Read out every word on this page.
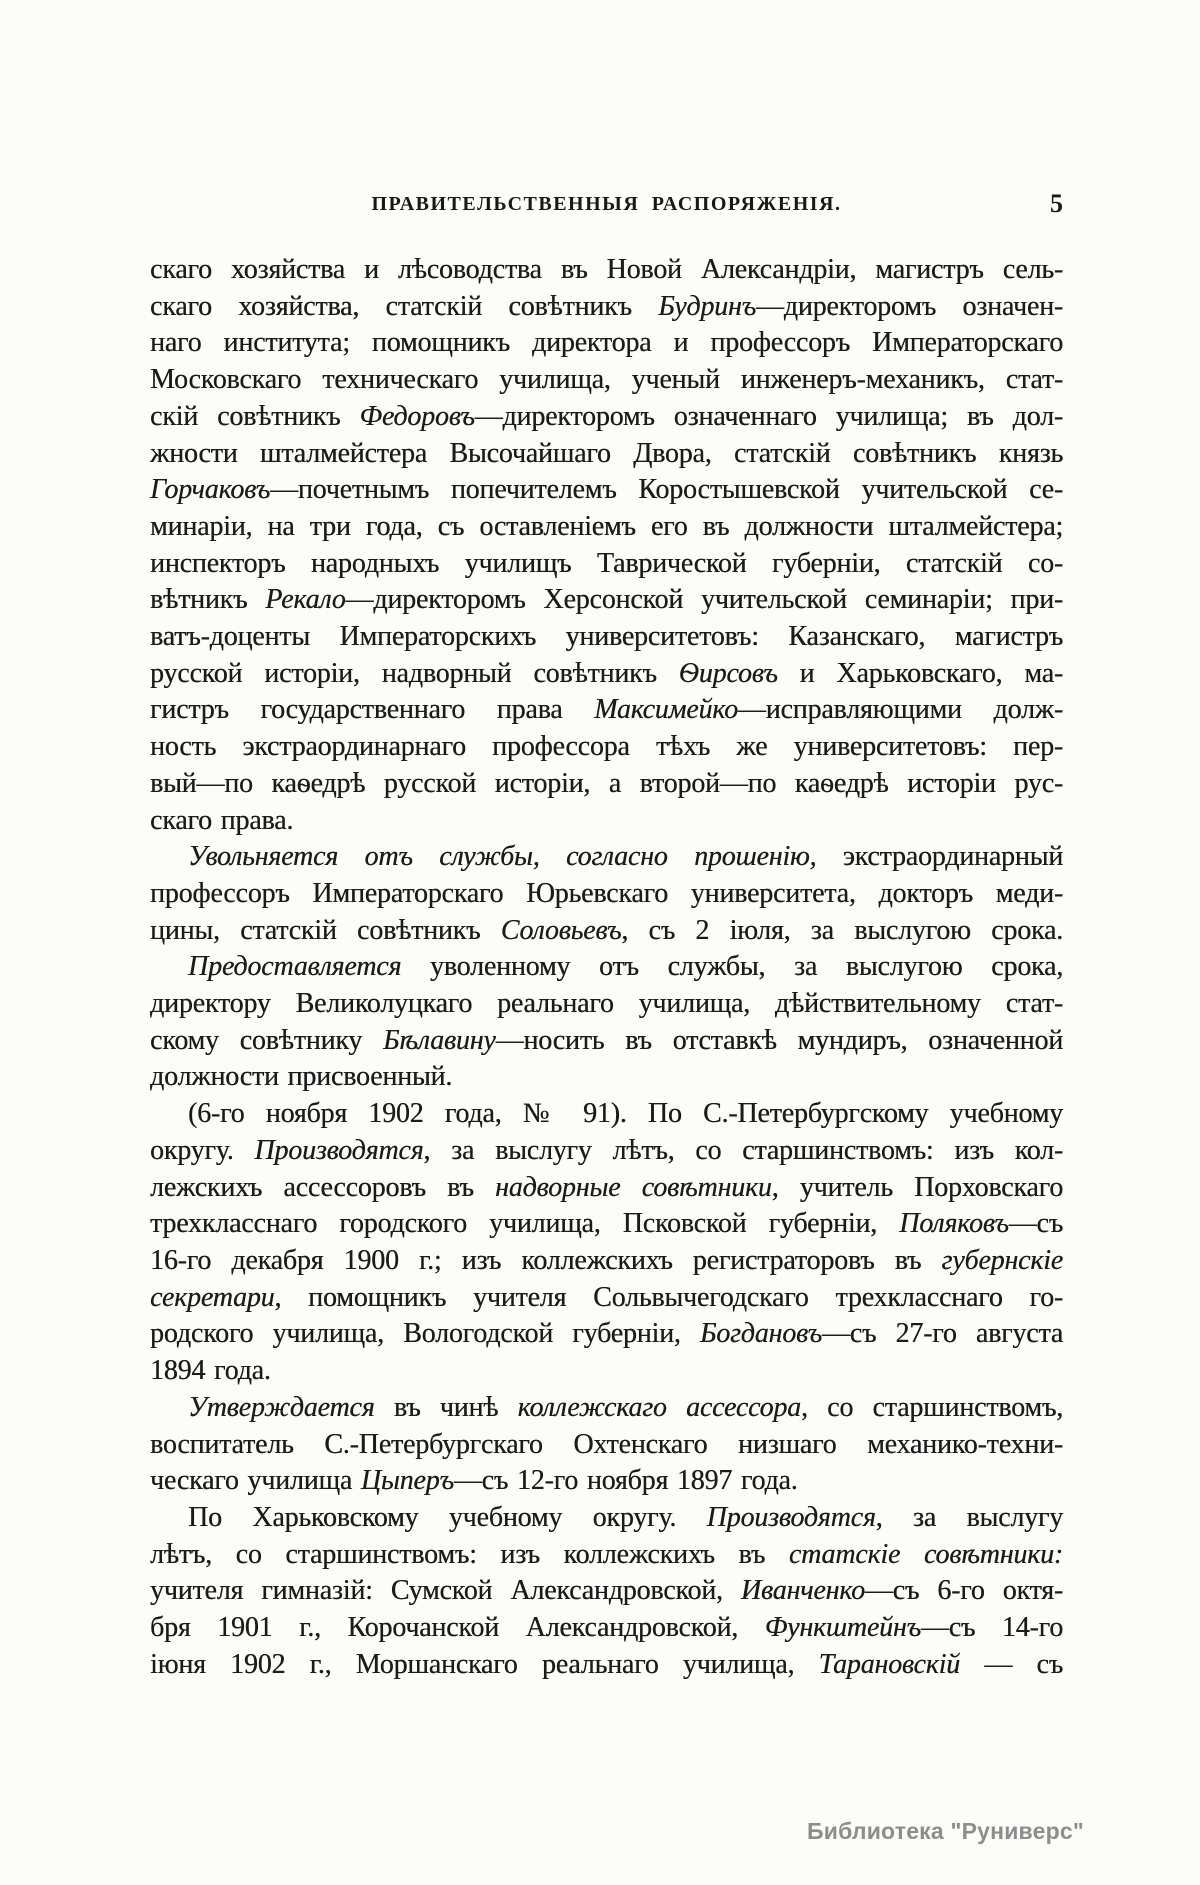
ПРАВИТЕЛЬСТВЕННЫЯ РАСПОРЯЖЕНІЯ.	5
скаго хозяйства и лѣсоводства въ Новой Александріи, магистръ сель-
скаго хозяйства, статскій совѣтникъ Будринъ—директоромъ означен-
наго института; помощникъ директора и профессоръ Императорскаго
Московскаго техническаго училища, ученый инженеръ-механикъ, стат-
скій совѣтникъ Федоровъ—директоромъ означеннаго училища; въ дол-
жности шталмейстера Высочайшаго Двора, статскій совѣтникъ князь
Горчаковъ—почетнымъ попечителемъ Коростышевской учительской се-
минаріи, на три года, съ оставленіемъ его въ должности шталмейстера;
инспекторъ народныхъ училищъ Таврической губерніи, статскій со-
вѣтникъ Рекало—директоромъ Херсонской учительской семинаріи; при-
ватъ-доценты Императорскихъ университетовъ: Казанскаго, магистръ
русской исторіи, надворный совѣтникъ Ѳирсовъ и Харьковскаго, ма-
гистръ государственнаго права Максимейко—исправляющими долж-
ность экстраординарнаго профессора тѣхъ же университетовъ: пер-
вый—по каѳедрѣ русской исторіи, а второй—по каѳедрѣ исторіи рус-
скаго права.
Увольняется отъ службы, согласно прошенію, экстраординарный
профессоръ Императорскаго Юрьевскаго университета, докторъ меди-
цины, статскій совѣтникъ Соловьевъ, съ 2 іюля, за выслугою срока.
Предоставляется уволенному отъ службы, за выслугою срока,
директору Великолуцкаго реальнаго училища, дѣйствительному стат-
скому совѣтнику Бѣлавину—носить въ отставкѣ мундиръ, означенной
должности присвоенный.
(6-го ноября 1902 года, № 91). По С.-Петербургскому учебному
округу. Производятся, за выслугу лѣтъ, со старшинствомъ: изъ кол-
лежскихъ ассессоровъ въ надворные совѣтники, учитель Порховскаго
трехкласснаго городского училища, Псковской губерніи, Поляковъ—съ
16-го декабря 1900 г.; изъ коллежскихъ регистраторовъ въ губернскіе
секретари, помощникъ учителя Сольвычегодскаго трехкласснаго го-
родского училища, Вологодской губерніи, Богдановъ—съ 27-го августа
1894 года.
Утверждается въ чинѣ коллежскаго ассессора, со старшинствомъ,
воспитатель С.-Петербургскаго Охтенскаго низшаго механико-техни-
ческаго училища Цыперъ—съ 12-го ноября 1897 года.
По Харьковскому учебному округу. Производятся, за выслугу
лѣтъ, со старшинствомъ: изъ коллежскихъ въ статскіе совѣтники:
учителя гимназій: Сумской Александровской, Иванченко—съ 6-го октя-
бря 1901 г., Корочанской Александровской, Функштейнъ—съ 14-го
іюня 1902 г., Моршанскаго реальнаго училища, Тарановскій — съ
Библиотека "Руниверс"
